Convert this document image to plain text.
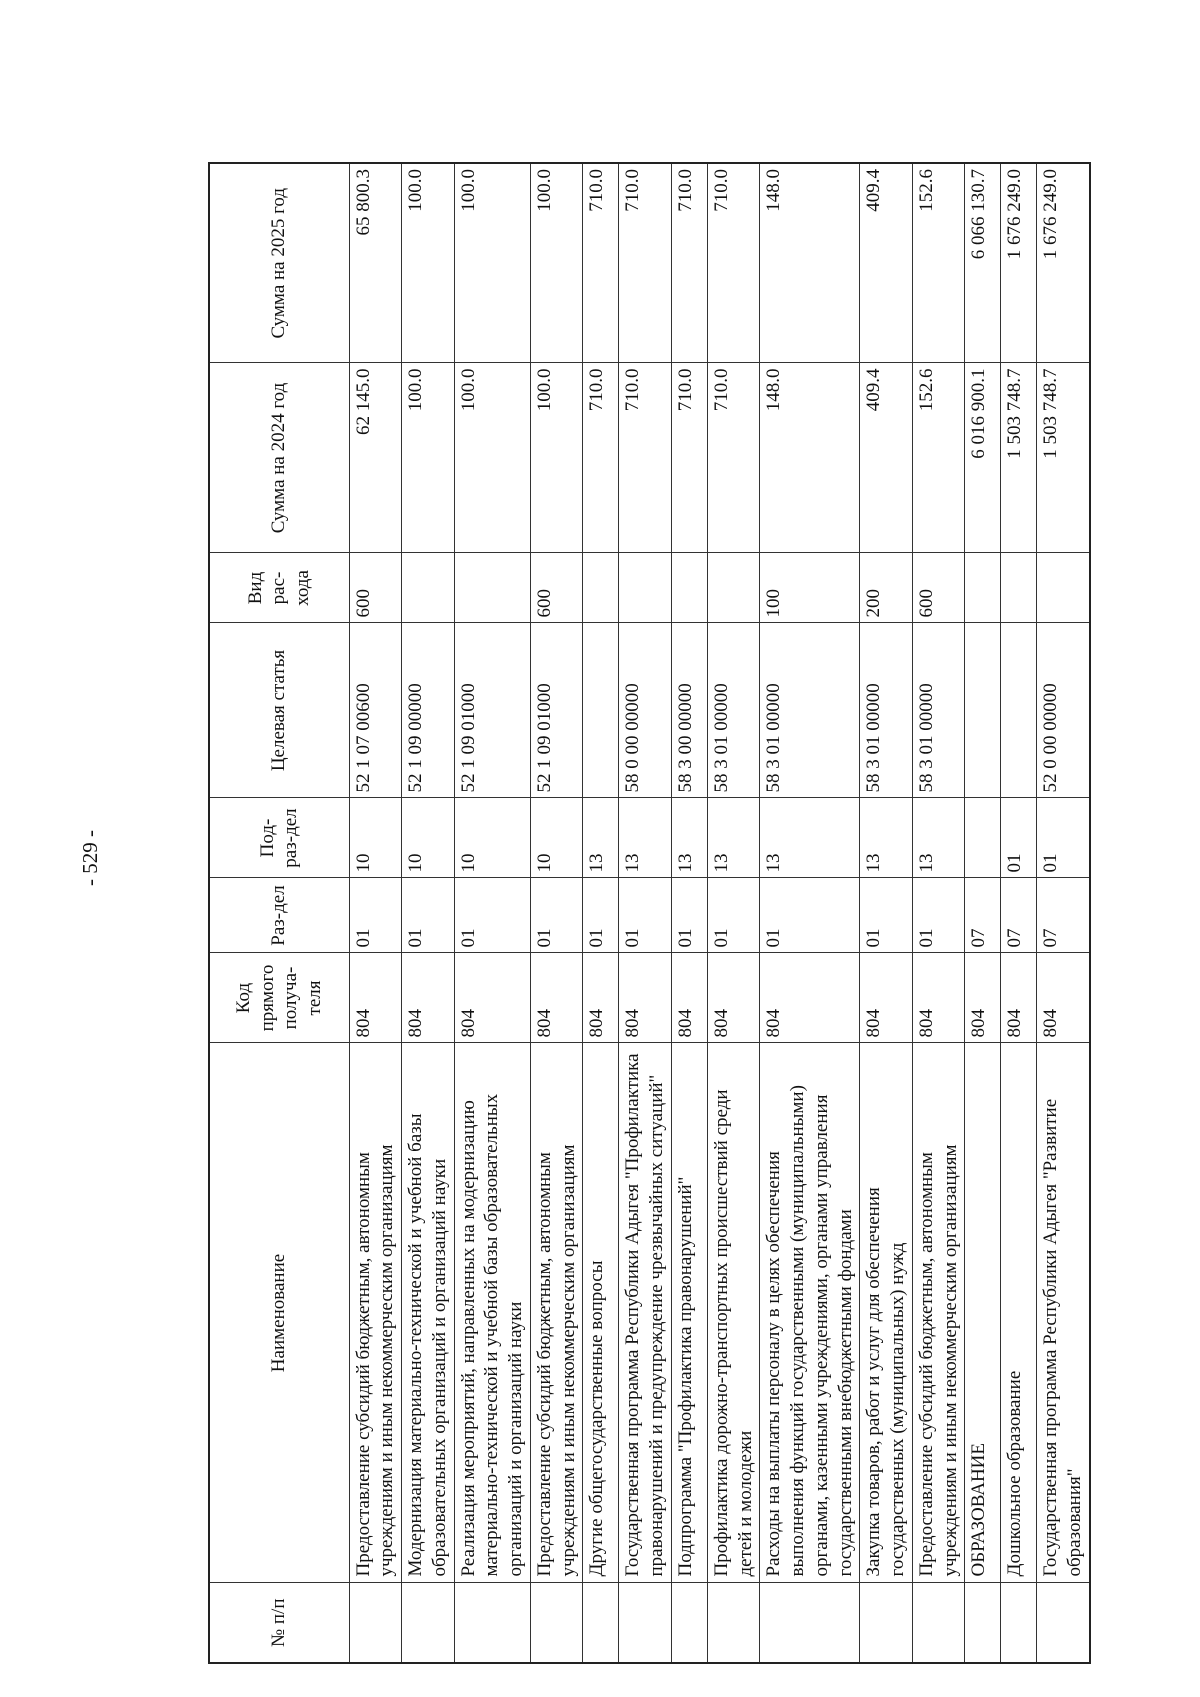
- 529 -
№ п/п	Наименование	Код прямого получа-теля	Раз-дел	Под-раз-дел	Целевая статья	Вид рас-хода	Сумма на 2024 год	Сумма на 2025 год
	Предоставление субсидий бюджетным, автономным учреждениям и иным некоммерческим организациям	804	01	10	52 1 07 00600	600	62 145.0	65 800.3
	Модернизация материально-технической и учебной базы образовательных организаций и организаций науки	804	01	10	52 1 09 00000		100.0	100.0
	Реализация мероприятий, направленных на модернизацию материально-технической и учебной базы образовательных организаций и организаций науки	804	01	10	52 1 09 01000		100.0	100.0
	Предоставление субсидий бюджетным, автономным учреждениям и иным некоммерческим организациям	804	01	10	52 1 09 01000	600	100.0	100.0
	Другие общегосударственные вопросы	804	01	13			710.0	710.0
	Государственная программа Республики Адыгея "Профилактика правонарушений и предупреждение чрезвычайных ситуаций"	804	01	13	58 0 00 00000		710.0	710.0
	Подпрограмма "Профилактика правонарушений"	804	01	13	58 3 00 00000		710.0	710.0
	Профилактика дорожно-транспортных происшествий среди детей и молодежи	804	01	13	58 3 01 00000		710.0	710.0
	Расходы на выплаты персоналу в целях обеспечения выполнения функций государственными (муниципальными) органами, казенными учреждениями, органами управления государственными внебюджетными фондами	804	01	13	58 3 01 00000	100	148.0	148.0
	Закупка товаров, работ и услуг для обеспечения государственных (муниципальных) нужд	804	01	13	58 3 01 00000	200	409.4	409.4
	Предоставление субсидий бюджетным, автономным учреждениям и иным некоммерческим организациям	804	01	13	58 3 01 00000	600	152.6	152.6
	ОБРАЗОВАНИЕ	804	07				6 016 900.1	6 066 130.7
	Дошкольное образование	804	07	01			1 503 748.7	1 676 249.0
	Государственная программа Республики Адыгея "Развитие образования"	804	07	01	52 0 00 00000		1 503 748.7	1 676 249.0
